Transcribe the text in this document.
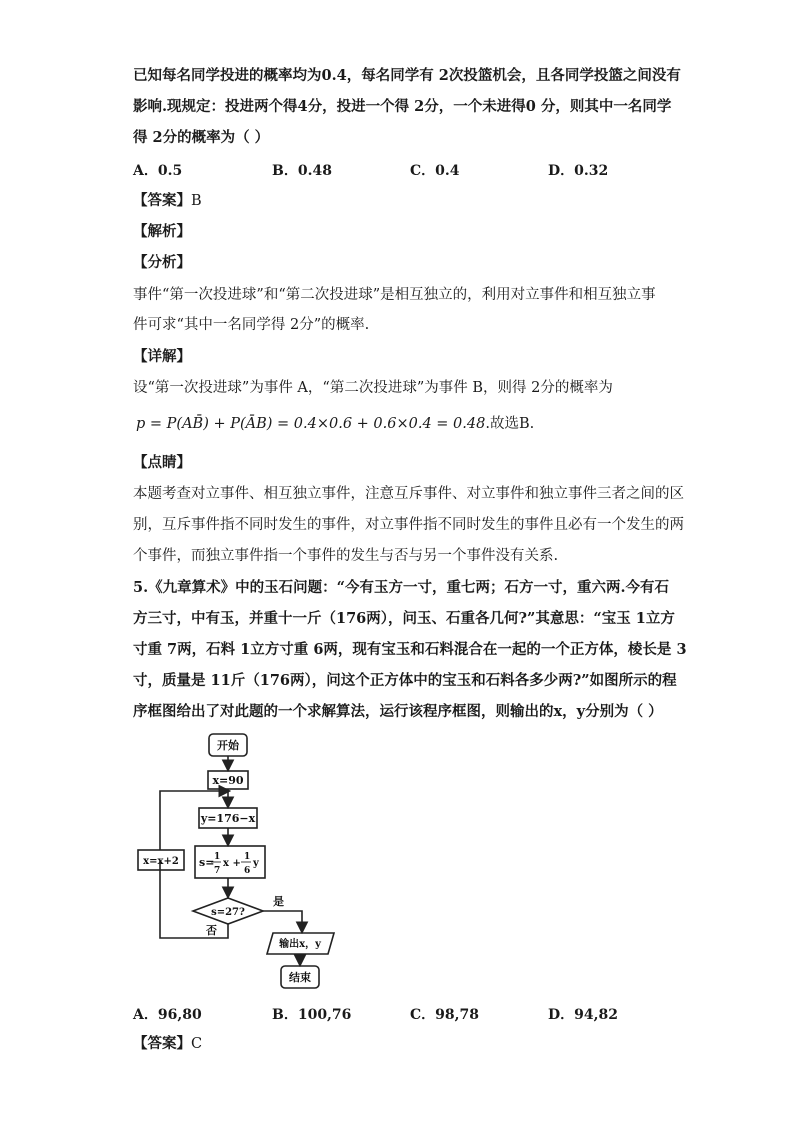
已知每名同学投进的概率均为0.4，每名同学有 2次投篮机会，且各同学投篮之间没有
影响.现规定：投进两个得4分，投进一个得 2分，一个未进得0 分，则其中一名同学
得 2分的概率为（ ）
A．0.5	B．0.48	C．0.4	D．0.32
【答案】B
【解析】
【分析】
事件“第一次投进球”和“第二次投进球”是相互独立的，利用对立事件和相互独立事
件可求“其中一名同学得 2分”的概率.
【详解】
设“第一次投进球”为事件 A，“第二次投进球”为事件 B，则得 2分的概率为
p = P(AB̄) + P(ĀB) = 0.4×0.6 + 0.6×0.4 = 0.48.故选B.
【点睛】
本题考查对立事件、相互独立事件，注意互斥事件、对立事件和独立事件三者之间的区
别，互斥事件指不同时发生的事件，对立事件指不同时发生的事件且必有一个发生的两
个事件，而独立事件指一个事件的发生与否与另一个事件没有关系.
5.《九章算术》中的玉石问题：“今有玉方一寸，重七两；石方一寸，重六两.今有石
方三寸，中有玉，并重十一斤（176两），问玉、石重各几何?”其意思：“宝玉 1立方
寸重 7两，石料 1立方寸重 6两，现有宝玉和石料混合在一起的一个正方体，棱长是 3
寸，质量是 11斤（176两），问这个正方体中的宝玉和石料各多少两?”如图所示的程
序框图给出了对此题的一个求解算法，运行该程序框图，则输出的x，y分别为（ ）
开始
x=90
y=176−x
s= 1
7
x +
1
6
y
s=27?
是
否
x=x+2
输出x，y
结束
A．96,80	B．100,76	C．98,78	D．94,82
【答案】C
